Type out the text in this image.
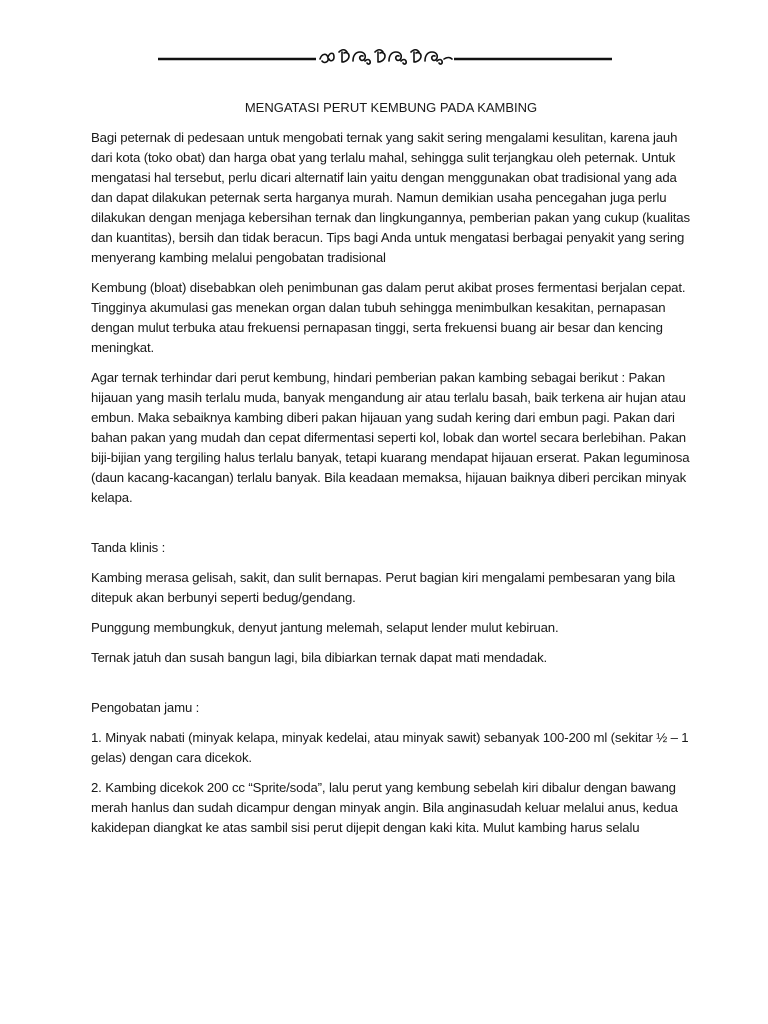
MENGATASI PERUT KEMBUNG PADA KAMBING

Bagi peternak di pedesaan untuk mengobati ternak yang sakit sering mengalami kesulitan, karena jauh dari kota (toko obat) dan harga obat yang terlalu mahal, sehingga sulit terjangkau oleh peternak. Untuk mengatasi hal tersebut, perlu dicari alternatif lain yaitu dengan menggunakan obat tradisional yang ada dan dapat dilakukan peternak serta harganya murah. Namun demikian usaha pencegahan juga perlu dilakukan dengan menjaga kebersihan ternak dan lingkungannya, pemberian pakan yang cukup (kualitas dan kuantitas), bersih dan tidak beracun. Tips bagi Anda untuk mengatasi berbagai penyakit yang sering menyerang kambing melalui pengobatan tradisional

Kembung (bloat) disebabkan oleh penimbunan gas dalam perut akibat proses fermentasi berjalan cepat. Tingginya akumulasi gas menekan organ dalan tubuh sehingga menimbulkan kesakitan, pernapasan dengan mulut terbuka atau frekuensi pernapasan tinggi, serta frekuensi buang air besar dan kencing meningkat.

Agar ternak terhindar dari perut kembung, hindari pemberian pakan kambing sebagai berikut : Pakan hijauan yang masih terlalu muda, banyak mengandung air atau terlalu basah, baik terkena air hujan atau embun. Maka sebaiknya kambing diberi pakan hijauan yang sudah kering dari embun pagi. Pakan dari bahan pakan yang mudah dan cepat difermentasi seperti kol, lobak dan wortel secara berlebihan. Pakan biji-bijian yang tergiling halus terlalu banyak, tetapi kuarang mendapat hijauan erserat. Pakan leguminosa (daun kacang-kacangan) terlalu banyak. Bila keadaan memaksa, hijauan baiknya diberi percikan minyak kelapa.

Tanda klinis :

Kambing merasa gelisah, sakit, dan sulit bernapas. Perut bagian kiri mengalami pembesaran yang bila ditepuk akan berbunyi seperti bedug/gendang.

Punggung membungkuk, denyut jantung melemah, selaput lender mulut kebiruan.

Ternak jatuh dan susah bangun lagi, bila dibiarkan ternak dapat mati mendadak.

Pengobatan jamu :

1. Minyak nabati (minyak kelapa, minyak kedelai, atau minyak sawit) sebanyak 100-200 ml (sekitar ½ – 1 gelas) dengan cara dicekok.

2. Kambing dicekok 200 cc “Sprite/soda”, lalu perut yang kembung sebelah kiri dibalur dengan bawang merah hanlus dan sudah dicampur dengan minyak angin. Bila anginasudah keluar melalui anus, kedua kakidepan diangkat ke atas sambil sisi perut dijepit dengan kaki kita. Mulut kambing harus selalu
